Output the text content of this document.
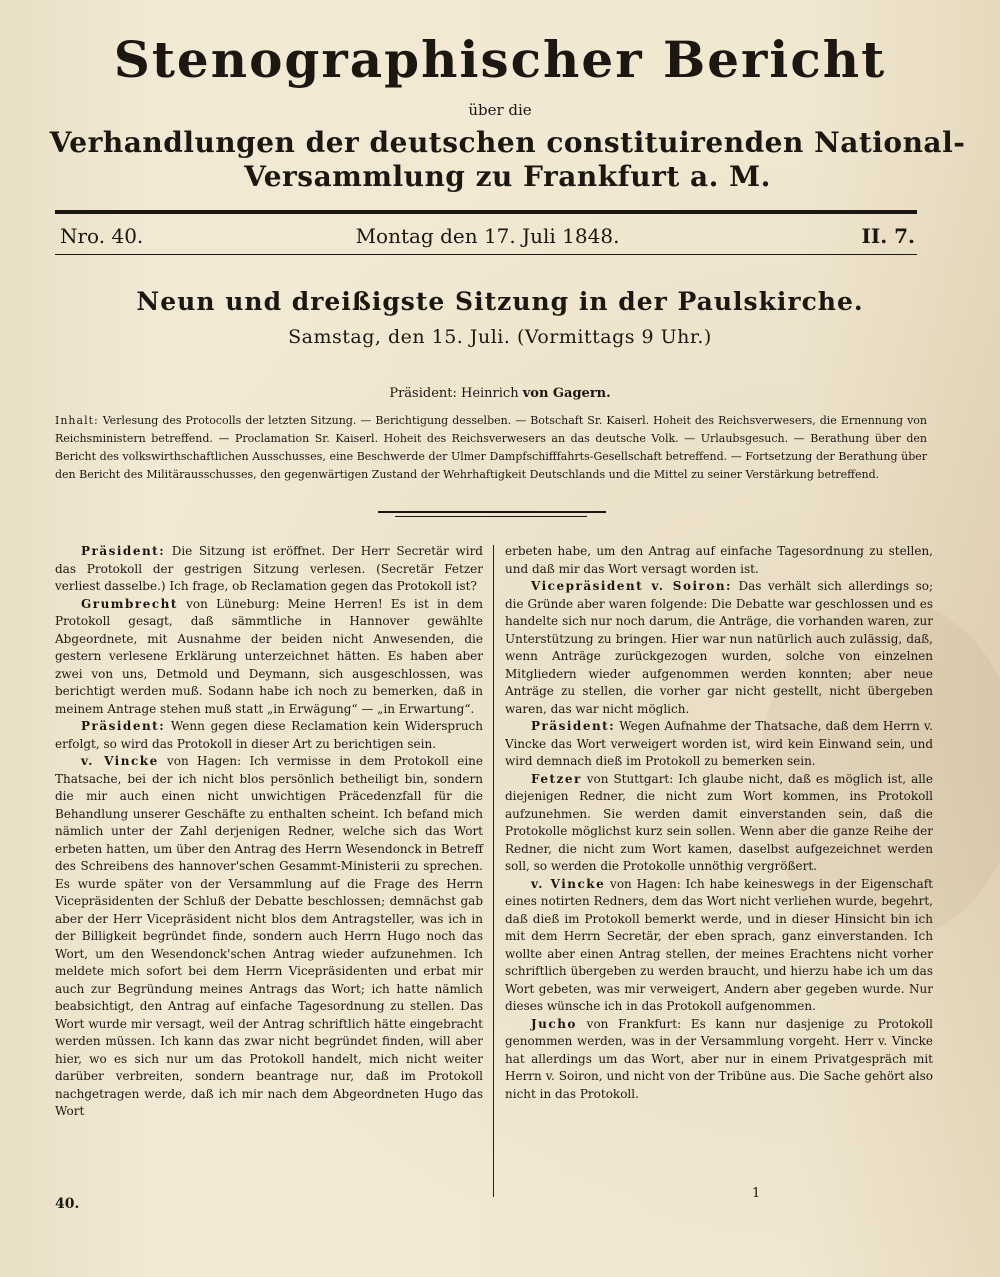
Stenographischer Bericht
über die
Verhandlungen der deutschen constituirenden National-
Versammlung zu Frankfurt a. M.
Nro. 40.	Montag den 17. Juli 1848.	II. 7.
Neun und dreißigste Sitzung in der Paulskirche.
Samstag, den 15. Juli. (Vormittags 9 Uhr.)
Präsident: Heinrich von Gagern.
Inhalt: Verlesung des Protocolls der letzten Sitzung. — Berichtigung desselben. — Botschaft Sr. Kaiserl. Hoheit des Reichsverwesers, die Ernennung von Reichsministern betreffend. — Proclamation Sr. Kaiserl. Hoheit des Reichsverwesers an das deutsche Volk. — Urlaubsgesuch. — Berathung über den Bericht des volkswirthschaftlichen Ausschusses, eine Beschwerde der Ulmer Dampfschifffahrts-Gesellschaft betreffend. — Fortsetzung der Berathung über den Bericht des Militärausschusses, den gegenwärtigen Zustand der Wehrhaftigkeit Deutschlands und die Mittel zu seiner Verstärkung betreffend.

Präsident: Die Sitzung ist eröffnet. Der Herr Secretär wird das Protokoll der gestrigen Sitzung verlesen. (Secretär Fetzer verliest dasselbe.) Ich frage, ob Reclamation gegen das Protokoll ist?

Grumbrecht von Lüneburg: Meine Herren! Es ist in dem Protokoll gesagt, daß sämmtliche in Hannover gewählte Abgeordnete, mit Ausnahme der beiden nicht Anwesenden, die gestern verlesene Erklärung unterzeichnet hätten. Es haben aber zwei von uns, Detmold und Deymann, sich ausgeschlossen, was berichtigt werden muß. Sodann habe ich noch zu bemerken, daß in meinem Antrage stehen muß statt „in Erwägung“ — „in Erwartung“.

Präsident: Wenn gegen diese Reclamation kein Widerspruch erfolgt, so wird das Protokoll in dieser Art zu berichtigen sein.

v. Vincke von Hagen: Ich vermisse in dem Protokoll eine Thatsache, bei der ich nicht blos persönlich betheiligt bin, sondern die mir auch einen nicht unwichtigen Präcedenzfall für die Behandlung unserer Geschäfte zu enthalten scheint. Ich befand mich nämlich unter der Zahl derjenigen Redner, welche sich das Wort erbeten hatten, um über den Antrag des Herrn Wesendonck in Betreff des Schreibens des hannover'schen Gesammt-Ministerii zu sprechen. Es wurde später von der Versammlung auf die Frage des Herrn Vicepräsidenten der Schluß der Debatte beschlossen; demnächst gab aber der Herr Vicepräsident nicht blos dem Antragsteller, was ich in der Billigkeit begründet finde, sondern auch Herrn Hugo noch das Wort, um den Wesendonck'schen Antrag wieder aufzunehmen. Ich meldete mich sofort bei dem Herrn Vicepräsidenten und erbat mir auch zur Begründung meines Antrags das Wort; ich hatte nämlich beabsichtigt, den Antrag auf einfache Tagesordnung zu stellen. Das Wort wurde mir versagt, weil der Antrag schriftlich hätte eingebracht werden müssen. Ich kann das zwar nicht begründet finden, will aber hier, wo es sich nur um das Protokoll handelt, mich nicht weiter darüber verbreiten, sondern beantrage nur, daß im Protokoll nachgetragen werde, daß ich mir nach dem Abgeordneten Hugo das Wort

erbeten habe, um den Antrag auf einfache Tagesordnung zu stellen, und daß mir das Wort versagt worden ist.

Vicepräsident v. Soiron: Das verhält sich allerdings so; die Gründe aber waren folgende: Die Debatte war geschlossen und es handelte sich nur noch darum, die Anträge, die vorhanden waren, zur Unterstützung zu bringen. Hier war nun natürlich auch zulässig, daß, wenn Anträge zurückgezogen wurden, solche von einzelnen Mitgliedern wieder aufgenommen werden konnten; aber neue Anträge zu stellen, die vorher gar nicht gestellt, nicht übergeben waren, das war nicht möglich.

Präsident: Wegen Aufnahme der Thatsache, daß dem Herrn v. Vincke das Wort verweigert worden ist, wird kein Einwand sein, und wird demnach dieß im Protokoll zu bemerken sein.

Fetzer von Stuttgart: Ich glaube nicht, daß es möglich ist, alle diejenigen Redner, die nicht zum Wort kommen, ins Protokoll aufzunehmen. Sie werden damit einverstanden sein, daß die Protokolle möglichst kurz sein sollen. Wenn aber die ganze Reihe der Redner, die nicht zum Wort kamen, daselbst aufgezeichnet werden soll, so werden die Protokolle unnöthig vergrößert.

v. Vincke von Hagen: Ich habe keineswegs in der Eigenschaft eines notirten Redners, dem das Wort nicht verliehen wurde, begehrt, daß dieß im Protokoll bemerkt werde, und in dieser Hinsicht bin ich mit dem Herrn Secretär, der eben sprach, ganz einverstanden. Ich wollte aber einen Antrag stellen, der meines Erachtens nicht vorher schriftlich übergeben zu werden braucht, und hierzu habe ich um das Wort gebeten, was mir verweigert, Andern aber gegeben wurde. Nur dieses wünsche ich in das Protokoll aufgenommen.

Jucho von Frankfurt: Es kann nur dasjenige zu Protokoll genommen werden, was in der Versammlung vorgeht. Herr v. Vincke hat allerdings um das Wort, aber nur in einem Privatgespräch mit Herrn v. Soiron, und nicht von der Tribüne aus. Die Sache gehört also nicht in das Protokoll.

40.
1
